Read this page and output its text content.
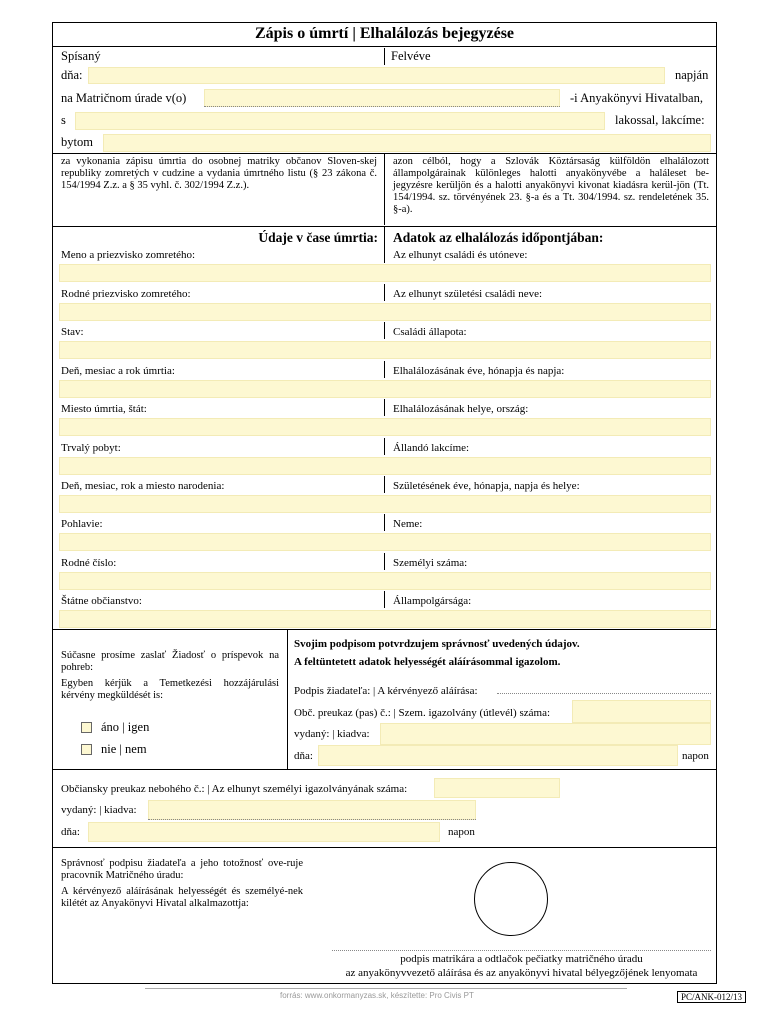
Zápis o úmrtí | Elhalálozás bejegyzése
Spísaný	Felvéve
dňa:	napján
na Matričnom úrade v(o)	-i Anyakönyvi Hivatalban,
s	lakossal, lakcíme:
bytom
za vykonania zápisu úmrtia do osobnej matriky občanov Sloven-skej republiky zomretých v cudzine a vydania úmrtného listu (§ 23 zákona č. 154/1994 Z.z. a § 35 vyhl. č. 302/1994 Z.z.).
azon célból, hogy a Szlovák Köztársaság külföldön elhalálozott állampolgárainak különleges halotti anyakönyvébe a haláleset be-jegyzésre kerüljön és a halotti anyakönyvi kivonat kiadásra kerül-jön (Tt. 154/1994. sz. törvényének 23. §-a és a Tt. 304/1994. sz. rendeletének 35. §-a).
Údaje v čase úmrtia: Adatok az elhalálozás időpontjában:
Meno a priezvisko zomretého:	Az elhunyt családi és utóneve:
Rodné priezvisko zomretého:	Az elhunyt születési családi neve:
Stav:	Családi állapota:
Deň, mesiac a rok úmrtia:	Elhalálozásának éve, hónapja és napja:
Miesto úmrtia, štát:	Elhalálozásának helye, ország:
Trvalý pobyt:	Állandó lakcíme:
Deň, mesiac, rok a miesto narodenia:	Születésének éve, hónapja, napja és helye:
Pohlavie:	Neme:
Rodné číslo:	Személyi száma:
Štátne občianstvo:	Állampolgársága:
Súčasne prosíme zaslať Žiadosť o príspevok na pohreb:
Egyben kérjük a Temetkezési hozzájárulási kérvény megküldését is:
áno | igen
nie | nem
Svojim podpisom potvrdzujem správnosť uvedených údajov.
A feltüntetett adatok helyességét aláírásommal igazolom.
Podpis žiadateľa: | A kérvényező aláírása:
Obč. preukaz (pas) č.: | Szem. igazolvány (útlevél) száma:
vydaný: | kiadva:
dňa:	napon
Občiansky preukaz nebohého č.: | Az elhunyt személyi igazolványának száma:
vydaný: | kiadva:
dňa:	napon
Správnosť podpisu žiadateľa a jeho totožnosť ove-ruje pracovník Matričného úradu:
A kérvényező aláírásának helyességét és személyé-nek kilétét az Anyakönyvi Hivatal alkalmazottja:
podpis matrikára a odtlačok pečiatky matričného úradu
az anyakönyvvezető aláírása és az anyakönyvi hivatal bélyegzőjének lenyomata
forrás: www.onkormanyzas.sk, készítette: Pro Civis PT	PC/ANK-012/13
